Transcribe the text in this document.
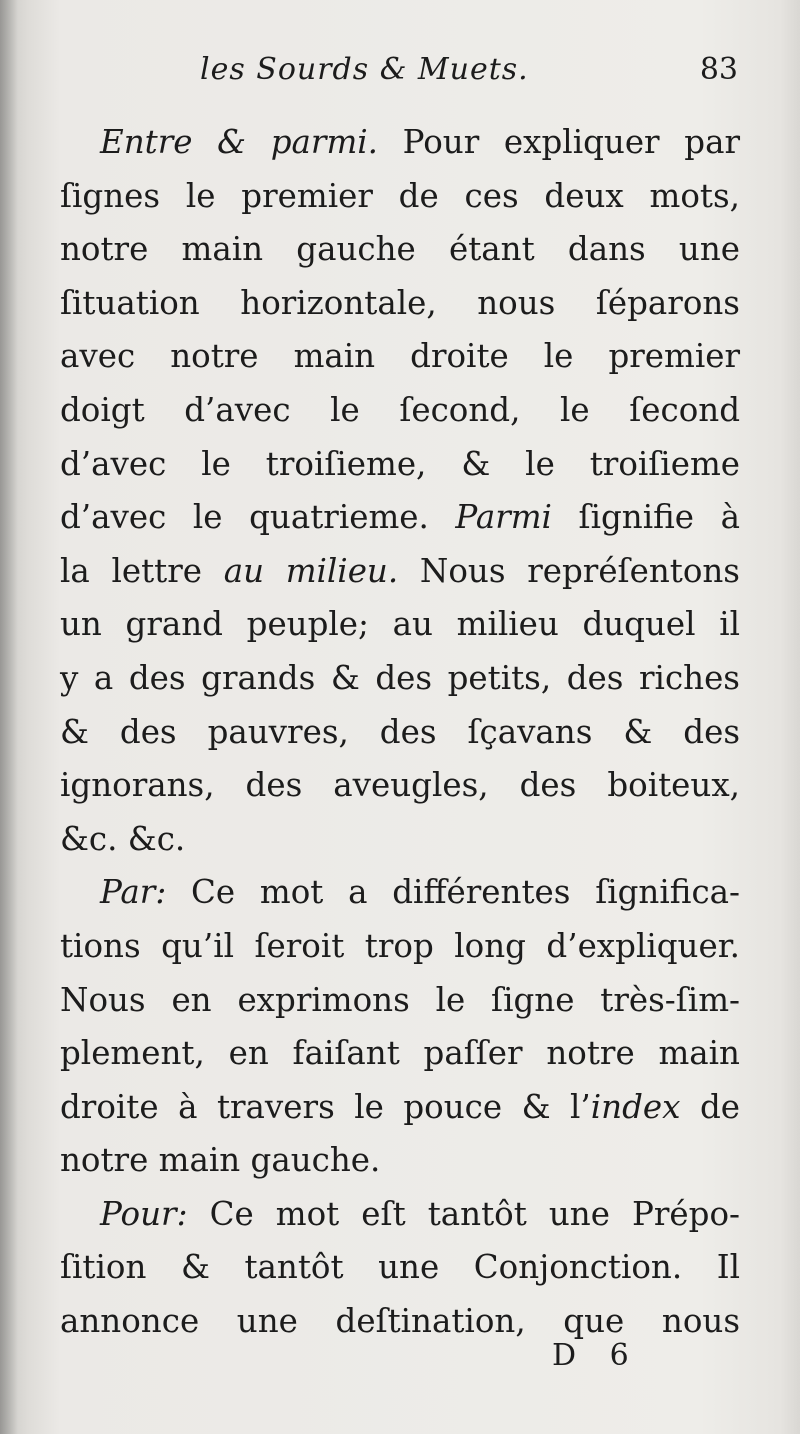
les Sourds & Muets.	83
Entre & parmi. Pour expliquer par
ſignes le premier de ces deux mots,
notre main gauche étant dans une
ſituation horizontale, nous ſéparons
avec notre main droite le premier
doigt d’avec le ſecond, le ſecond
d’avec le troiſieme, & le troiſieme
d’avec le quatrieme. Parmi ſignifie à
la lettre au milieu. Nous repréſentons
un grand peuple; au milieu duquel il
y a des grands & des petits, des riches
& des pauvres, des ſçavans & des
ignorans, des aveugles, des boiteux,
&c. &c.
Par: Ce mot a différentes ſignifica-
tions qu’il ſeroit trop long d’expliquer.
Nous en exprimons le ſigne très-ſim-
plement, en faiſant paſſer notre main
droite à travers le pouce & l’index de
notre main gauche.
Pour: Ce mot eſt tantôt une Prépo-
ſition & tantôt une Conjonction. Il
annonce une deſtination, que nous
D 6
